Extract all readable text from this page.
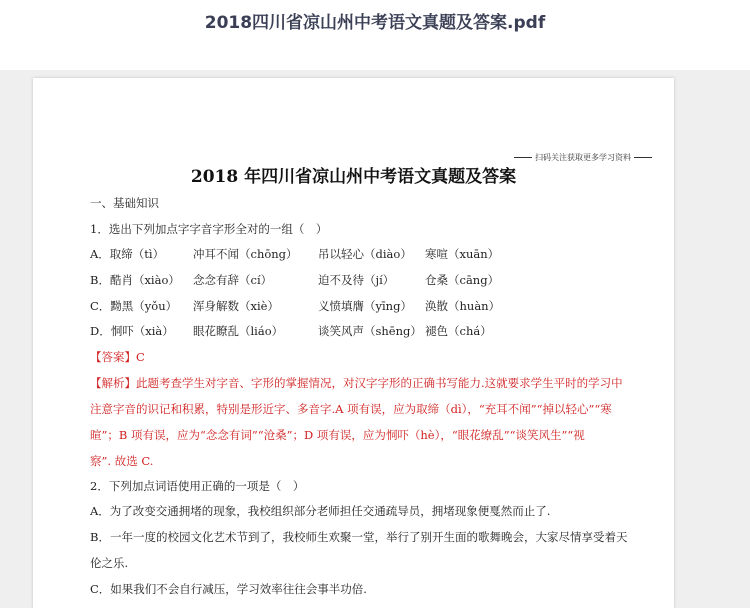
2018四川省凉山州中考语文真题及答案.pdf
扫码关注获取更多学习资料
2018 年四川省凉山州中考语文真题及答案
一、基础知识
1．选出下列加点字字音字形全对的一组（　）
A．取缔（tì）	冲耳不闻（chōng） 吊以轻心（diào） 寒喧（xuān）
B．酷肖（xiào） 念念有辞（cí）	迫不及待（jí）	仓桑（cāng）
C．黝黑（yǒu） 浑身解数（xiè）	义愤填膺（yīng） 涣散（huàn）
D．恫吓（xià） 眼花瞭乱（liáo）	谈笑风声（shēng） 褪色（chá）
【答案】C
【解析】此题考查学生对字音、字形的掌握情况，对汉字字形的正确书写能力.这就要求学生平时的学习中
注意字音的识记和积累，特别是形近字、多音字.A 项有误，应为取缔（dì），“充耳不闻”“掉以轻心”“寒
暄”；B 项有误，应为“念念有词”“沧桑”；D 项有误，应为恫吓（hè），“眼花缭乱”“谈笑风生”“视
察”. 故选 C.
2．下列加点词语使用正确的一项是（　）
A．为了改变交通拥堵的现象，我校组织部分老师担任交通疏导员，拥堵现象便戛然而止了.
B．一年一度的校园文化艺术节到了，我校师生欢聚一堂，举行了别开生面的歌舞晚会，大家尽情享受着天
伦之乐.
C．如果我们不会自行减压，学习效率往往会事半功倍.
